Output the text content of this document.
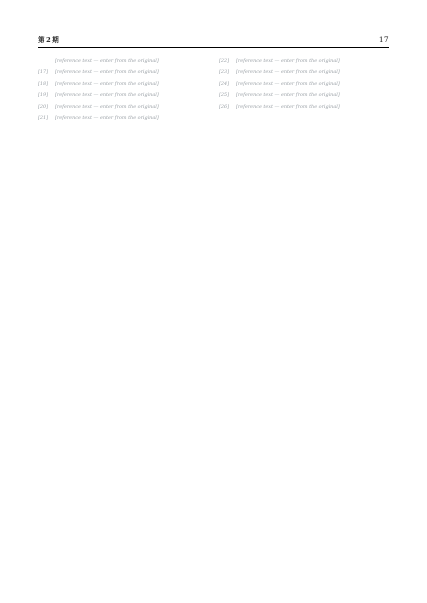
第2期	17
[reference text — enter from the original]
[17]	[reference text — enter from the original]
[18]	[reference text — enter from the original]
[19]	[reference text — enter from the original]
[20]	[reference text — enter from the original]
[21]	[reference text — enter from the original]
[22]	[reference text — enter from the original]
[23]	[reference text — enter from the original]
[24]	[reference text — enter from the original]
[25]	[reference text — enter from the original]
[26]	[reference text — enter from the original]
